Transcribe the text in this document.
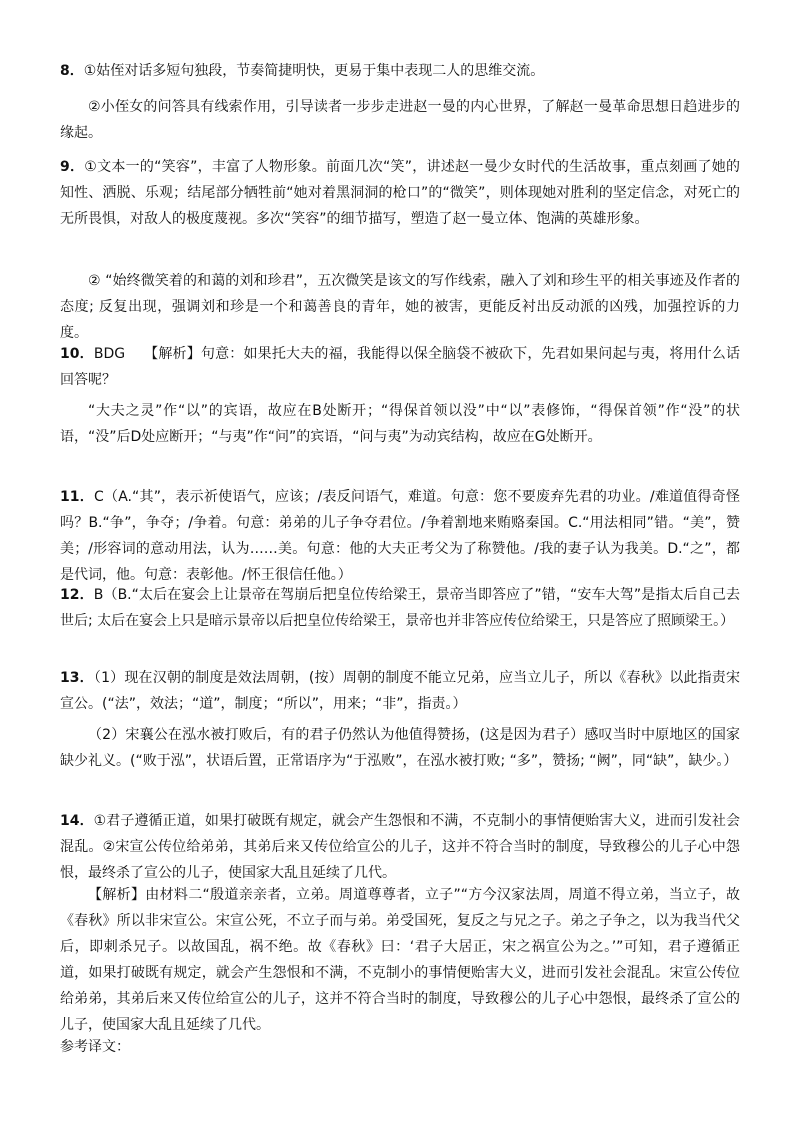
8．①姑侄对话多短句独段，节奏简捷明快，更易于集中表现二人的思维交流。

②小侄女的问答具有线索作用，引导读者一步步走进赵一曼的内心世界，了解赵一曼革命思想日趋进步的缘起。

9．①文本一的“笑容”，丰富了人物形象。前面几次“笑”，讲述赵一曼少女时代的生活故事，重点刻画了她的知性、洒脱、乐观；结尾部分牺牲前“她对着黑洞洞的枪口”的“微笑”，则体现她对胜利的坚定信念，对死亡的无所畏惧，对敌人的极度蔑视。多次“笑容”的细节描写，塑造了赵一曼立体、饱满的英雄形象。

② “始终微笑着的和蔼的刘和珍君”，五次微笑是该文的写作线索，融入了刘和珍生平的相关事迹及作者的态度; 反复出现，强调刘和珍是一个和蔼善良的青年，她的被害，更能反衬出反动派的凶残，加强控诉的力度。

10．BDG　 【解析】句意：如果托大夫的福，我能得以保全脑袋不被砍下，先君如果问起与夷，将用什么话回答呢？

“大夫之灵”作“以”的宾语，故应在B处断开；“得保首领以没”中“以”表修饰，“得保首领”作“没”的状语，“没”后D处应断开；“与夷”作“问”的宾语，“问与夷”为动宾结构，故应在G处断开。

11．C（A.“其”，表示祈使语气，应该；/表反问语气，难道。句意：您不要废弃先君的功业。/难道值得奇怪吗？B.“争”，争夺；/争着。句意：弟弟的儿子争夺君位。/争着割地来贿赂秦国。C.“用法相同”错。“美”，赞美；/形容词的意动用法，认为……美。句意：他的大夫正考父为了称赞他。/我的妻子认为我美。D.“之”，都是代词，他。句意：表彰他。/怀王很信任他。）

12．B（B.“太后在宴会上让景帝在驾崩后把皇位传给梁王，景帝当即答应了”错，“安车大驾”是指太后自己去世后; 太后在宴会上只是暗示景帝以后把皇位传给梁王，景帝也并非答应传位给梁王，只是答应了照顾梁王。）

13．（1）现在汉朝的制度是效法周朝，(按）周朝的制度不能立兄弟，应当立儿子，所以《春秋》以此指责宋宣公。(“法”，效法；“道”，制度；“所以”，用来；“非”，指责。）

（2）宋襄公在泓水被打败后，有的君子仍然认为他值得赞扬，(这是因为君子）感叹当时中原地区的国家缺少礼义。(“败于泓”，状语后置，正常语序为“于泓败”，在泓水被打败; “多”，赞扬; “阙”，同“缺”，缺少。）

14．①君子遵循正道，如果打破既有规定，就会产生怨恨和不满，不克制小的事情便贻害大义，进而引发社会混乱。②宋宣公传位给弟弟，其弟后来又传位给宣公的儿子，这并不符合当时的制度，导致穆公的儿子心中怨恨，最终杀了宣公的儿子，使国家大乱且延续了几代。

【解析】由材料二“殷道亲亲者，立弟。周道尊尊者，立子”“方今汉家法周，周道不得立弟，当立子，故《春秋》所以非宋宣公。宋宣公死，不立子而与弟。弟受国死，复反之与兄之子。弟之子争之，以为我当代父后，即刺杀兄子。以故国乱，祸不绝。故《春秋》曰：‘君子大居正，宋之祸宣公为之。’”可知，君子遵循正道，如果打破既有规定，就会产生怨恨和不满，不克制小的事情便贻害大义，进而引发社会混乱。宋宣公传位给弟弟，其弟后来又传位给宣公的儿子，这并不符合当时的制度，导致穆公的儿子心中怨恨，最终杀了宣公的儿子，使国家大乱且延续了几代。

参考译文：
